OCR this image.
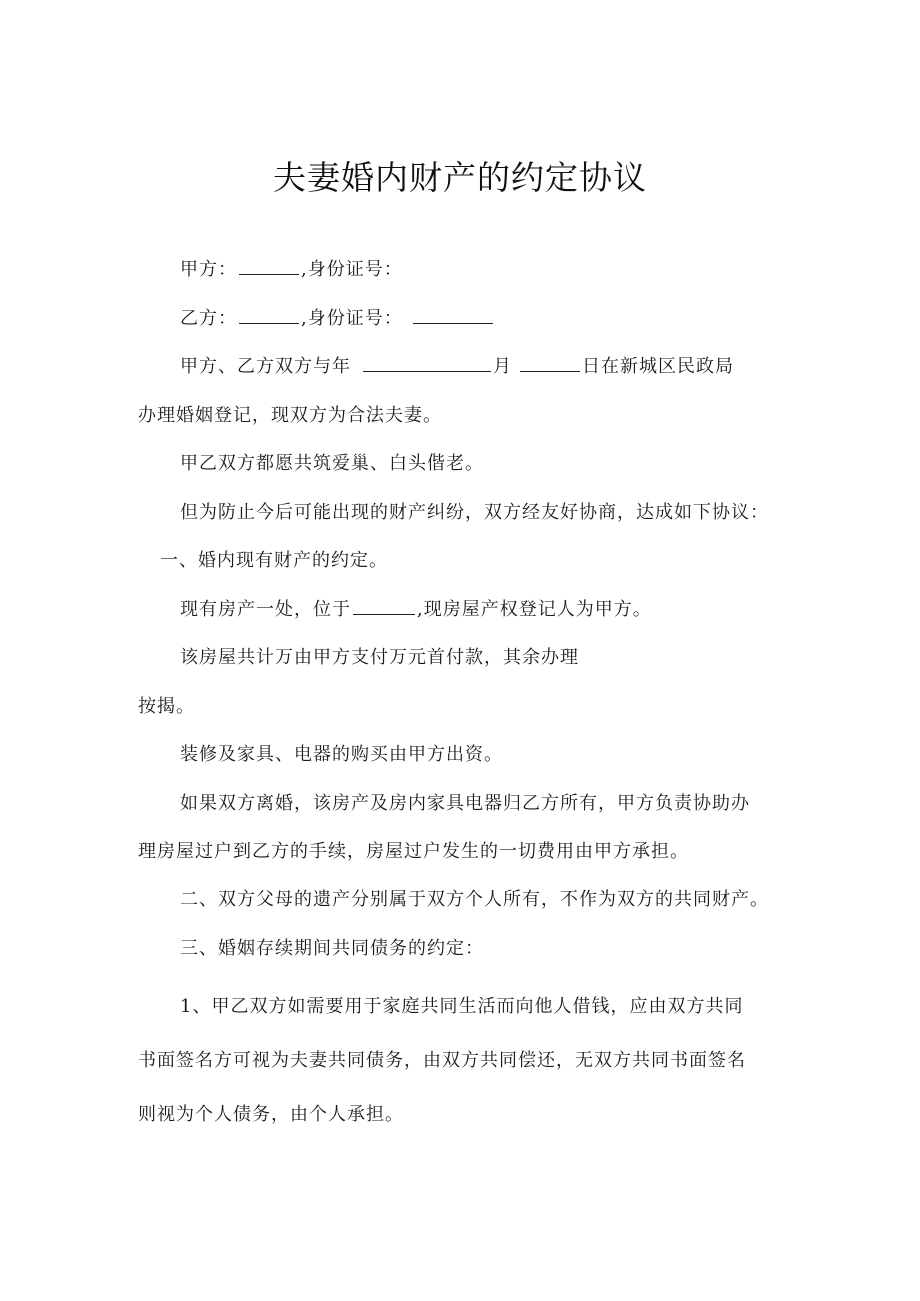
夫妻婚内财产的约定协议
甲方：	,身份证号：
乙方：	,身份证号：
甲方、乙方双方与年	月	日在新城区民政局
办理婚姻登记，现双方为合法夫妻。
甲乙双方都愿共筑爱巢、白头偕老。
但为防止今后可能出现的财产纠纷，双方经友好协商，达成如下协议：
一、婚内现有财产的约定。
现有房产一处，位于	,现房屋产权登记人为甲方。
该房屋共计万由甲方支付万元首付款，其余办理
按揭。
装修及家具、电器的购买由甲方出资。
如果双方离婚，该房产及房内家具电器归乙方所有，甲方负责协助办
理房屋过户到乙方的手续，房屋过户发生的一切费用由甲方承担。
二、双方父母的遗产分别属于双方个人所有，不作为双方的共同财产。
三、婚姻存续期间共同债务的约定：
1、甲乙双方如需要用于家庭共同生活而向他人借钱，应由双方共同
书面签名方可视为夫妻共同债务，由双方共同偿还，无双方共同书面签名
则视为个人债务，由个人承担。
